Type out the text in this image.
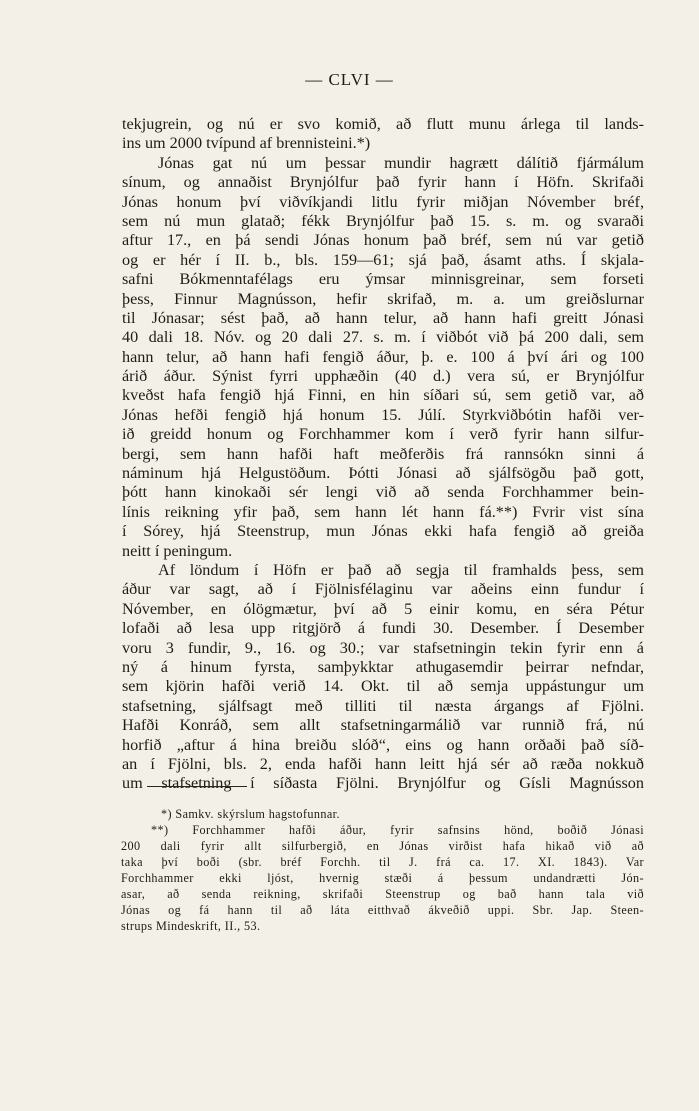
— CLVI —
tekjugrein, og nú er svo komið, að flutt munu árlega til lands-
ins um 2000 tvípund af brennisteini.*)
Jónas gat nú um þessar mundir hagrætt dálítið fjármálum
sínum, og annaðist Brynjólfur það fyrir hann í Höfn. Skrifaði
Jónas honum því viðvíkjandi litlu fyrir miðjan Nóvember bréf,
sem nú mun glatað; fékk Brynjólfur það 15. s. m. og svaraði
aftur 17., en þá sendi Jónas honum það bréf, sem nú var getið
og er hér í II. b., bls. 159—61; sjá það, ásamt aths. Í skjala-
safni Bókmenntafélags eru ýmsar minnisgreinar, sem forseti
þess, Finnur Magnússon, hefir skrifað, m. a. um greiðslurnar
til Jónasar; sést það, að hann telur, að hann hafi greitt Jónasi
40 dali 18. Nóv. og 20 dali 27. s. m. í viðbót við þá 200 dali, sem
hann telur, að hann hafi fengið áður, þ. e. 100 á því ári og 100
árið áður. Sýnist fyrri upphæðin (40 d.) vera sú, er Brynjólfur
kveðst hafa fengið hjá Finni, en hin síðari sú, sem getið var, að
Jónas hefði fengið hjá honum 15. Júlí. Styrkviðbótin hafði ver-
ið greidd honum og Forchhammer kom í verð fyrir hann silfur-
bergi, sem hann hafði haft meðferðis frá rannsókn sinni á
náminum hjá Helgustöðum. Þótti Jónasi að sjálfsögðu það gott,
þótt hann kinokaði sér lengi við að senda Forchhammer bein-
línis reikning yfir það, sem hann lét hann fá.**) Fvrir vist sína
í Sórey, hjá Steenstrup, mun Jónas ekki hafa fengið að greiða
neitt í peningum.
Af löndum í Höfn er það að segja til framhalds þess, sem
áður var sagt, að í Fjölnisfélaginu var aðeins einn fundur í
Nóvember, en ólögmætur, því að 5 einir komu, en séra Pétur
lofaði að lesa upp ritgjörð á fundi 30. Desember. Í Desember
voru 3 fundir, 9., 16. og 30.; var stafsetningin tekin fyrir enn á
ný á hinum fyrsta, samþykktar athugasemdir þeirrar nefndar,
sem kjörin hafði verið 14. Okt. til að semja uppástungur um
stafsetning, sjálfsagt með tilliti til næsta árgangs af Fjölni.
Hafði Konráð, sem allt stafsetningarmálið var runnið frá, nú
horfið „aftur á hina breiðu slóð“, eins og hann orðaði það síð-
an í Fjölni, bls. 2, enda hafði hann leitt hjá sér að ræða nokkuð
um stafsetning í síðasta Fjölni. Brynjólfur og Gísli Magnússon
*) Samkv. skýrslum hagstofunnar.
**) Forchhammer hafði áður, fyrir safnsins hönd, boðið Jónasi
200 dali fyrir allt silfurbergið, en Jónas virðist hafa hikað við að
taka því boði (sbr. bréf Forchh. til J. frá ca. 17. XI. 1843). Var
Forchhammer ekki ljóst, hvernig stæði á þessum undandrætti Jón-
asar, að senda reikning, skrifaði Steenstrup og bað hann tala við
Jónas og fá hann til að láta eitthvað ákveðið uppi. Sbr. Jap. Steen-
strups Mindeskrift, II., 53.
